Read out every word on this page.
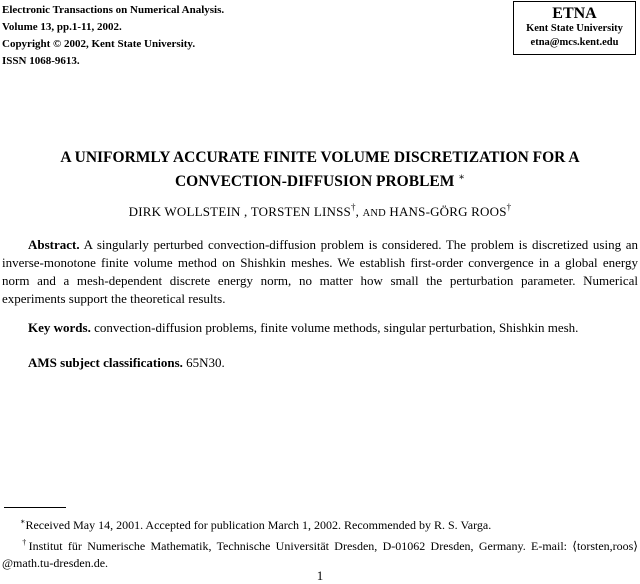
Electronic Transactions on Numerical Analysis.
Volume 13, pp.1-11, 2002.
Copyright © 2002, Kent State University.
ISSN 1068-9613.
ETNA
Kent State University
etna@mcs.kent.edu
A UNIFORMLY ACCURATE FINITE VOLUME DISCRETIZATION FOR A
CONVECTION-DIFFUSION PROBLEM ∗
DIRK WOLLSTEIN , TORSTEN LINSS†, AND HANS-GÖRG ROOS†
Abstract. A singularly perturbed convection-diffusion problem is considered. The problem is discretized using an inverse-monotone finite volume method on Shishkin meshes. We establish first-order convergence in a global energy norm and a mesh-dependent discrete energy norm, no matter how small the perturbation parameter. Numerical experiments support the theoretical results.
Key words. convection-diffusion problems, finite volume methods, singular perturbation, Shishkin mesh.
AMS subject classifications. 65N30.
∗Received May 14, 2001. Accepted for publication March 1, 2002. Recommended by R. S. Varga.
†Institut für Numerische Mathematik, Technische Universität Dresden, D-01062 Dresden, Germany. E-mail: ⟨torsten,roos⟩@math.tu-dresden.de.
1
